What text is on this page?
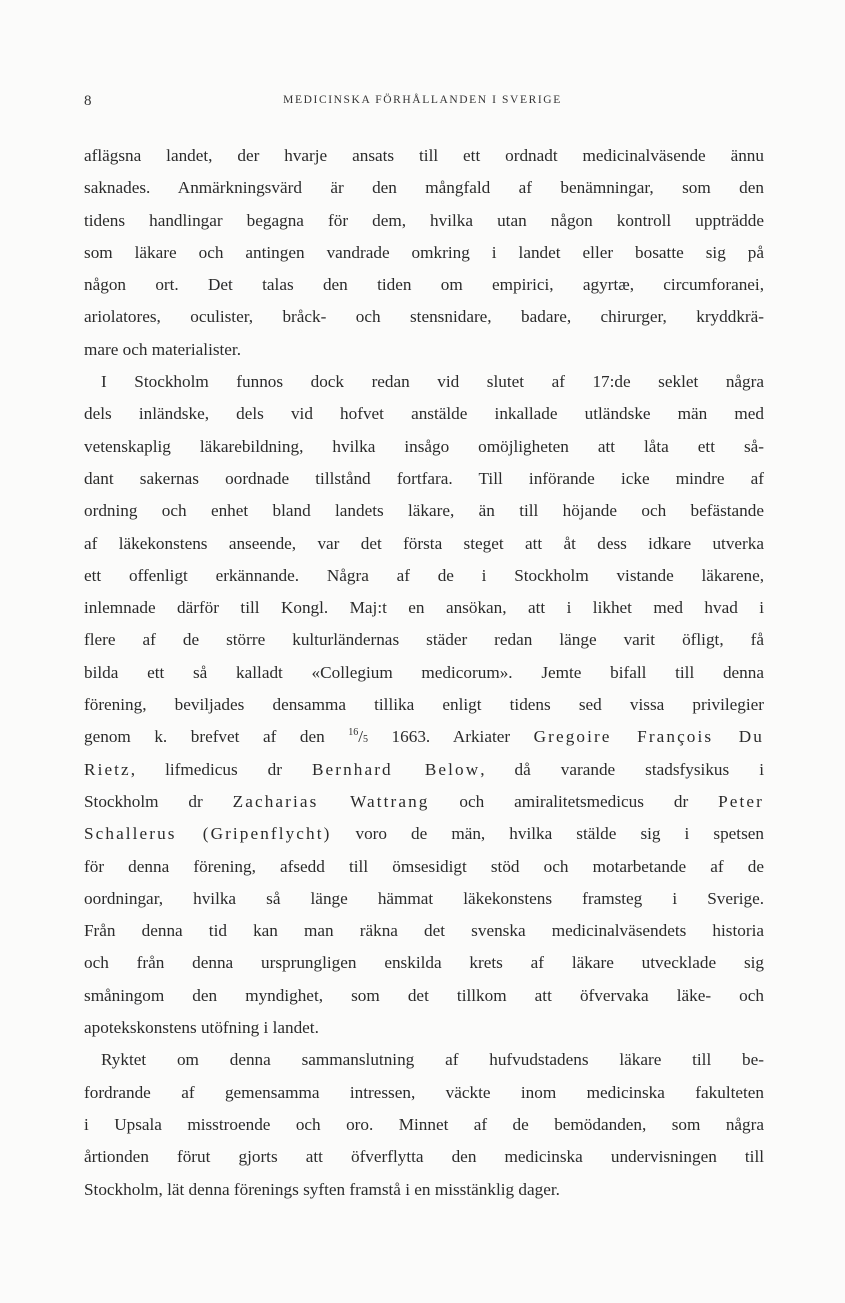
8	MEDICINSKA FÖRHÅLLANDEN I SVERIGE
aflägsna landet, der hvarje ansats till ett ordnadt medicinalväsende ännu
saknades. Anmärkningsvärd är den mångfald af benämningar, som den
tidens handlingar begagna för dem, hvilka utan någon kontroll uppträdde
som läkare och antingen vandrade omkring i landet eller bosatte sig på
någon ort. Det talas den tiden om empirici, agyrtæ, circumforanei,
ariolatores, oculister, bråck- och stensnidare, badare, chirurger, kryddkrä-
mare och materialister.
I Stockholm funnos dock redan vid slutet af 17:de seklet några
dels inländske, dels vid hofvet anstälde inkallade utländske män med
vetenskaplig läkarebildning, hvilka insågo omöjligheten att låta ett så-
dant sakernas oordnade tillstånd fortfara. Till införande icke mindre af
ordning och enhet bland landets läkare, än till höjande och befästande
af läkekonstens anseende, var det första steget att åt dess idkare utverka
ett offenligt erkännande. Några af de i Stockholm vistande läkarene,
inlemnade därför till Kongl. Maj:t en ansökan, att i likhet med hvad i
flere af de större kulturländernas städer redan länge varit öfligt, få
bilda ett så kalladt «Collegium medicorum». Jemte bifall till denna
förening, beviljades densamma tillika enligt tidens sed vissa privilegier
genom k. brefvet af den $^{16}$/5 1663. Arkiater Gregoire François Du
Rietz, lifmedicus dr Bernhard Below, då varande stadsfysikus i
Stockholm dr Zacharias Wattrang och amiralitetsmedicus dr Peter
Schallerus (Gripenflycht) voro de män, hvilka stälde sig i spetsen
för denna förening, afsedd till ömsesidigt stöd och motarbetande af de
oordningar, hvilka så länge hämmat läkekonstens framsteg i Sverige.
Från denna tid kan man räkna det svenska medicinalväsendets historia
och från denna ursprungligen enskilda krets af läkare utvecklade sig
småningom den myndighet, som det tillkom att öfvervaka läke- och
apotekskonstens utöfning i landet.
Ryktet om denna sammanslutning af hufvudstadens läkare till be-
fordrande af gemensamma intressen, väckte inom medicinska fakulteten
i Upsala misstroende och oro. Minnet af de bemödanden, som några
årtionden förut gjorts att öfverflytta den medicinska undervisningen till
Stockholm, lät denna förenings syften framstå i en misstänklig dager.
